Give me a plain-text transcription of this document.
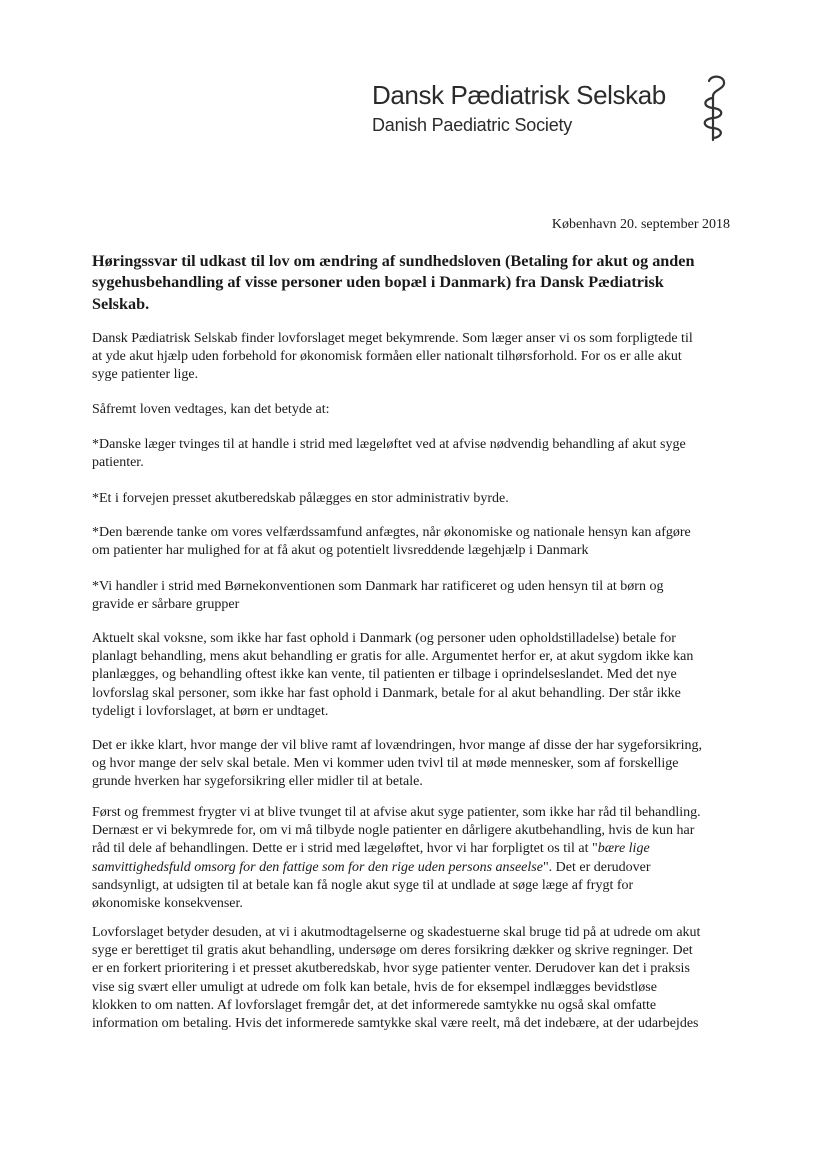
Dansk Pædiatrisk Selskab
Danish Paediatric Society
København 20. september 2018
Høringssvar til udkast til lov om ændring af sundhedsloven (Betaling for akut og anden sygehusbehandling af visse personer uden bopæl i Danmark) fra Dansk Pædiatrisk Selskab.
Dansk Pædiatrisk Selskab finder lovforslaget meget bekymrende. Som læger anser vi os som forpligtede til
at yde akut hjælp uden forbehold for økonomisk formåen eller nationalt tilhørsforhold. For os er alle akut
syge patienter lige.
Såfremt loven vedtages, kan det betyde at:
*Danske læger tvinges til at handle i strid med lægeløftet ved at afvise nødvendig behandling af akut syge
patienter.
*Et i forvejen presset akutberedskab pålægges en stor administrativ byrde.
*Den bærende tanke om vores velfærdssamfund anfægtes, når økonomiske og nationale hensyn kan afgøre
om patienter har mulighed for at få akut og potentielt livsreddende lægehjælp i Danmark
*Vi handler i strid med Børnekonventionen som Danmark har ratificeret og uden hensyn til at børn og
gravide er sårbare grupper
Aktuelt skal voksne, som ikke har fast ophold i Danmark (og personer uden opholdstilladelse) betale for
planlagt behandling, mens akut behandling er gratis for alle. Argumentet herfor er, at akut sygdom ikke kan
planlægges, og behandling oftest ikke kan vente, til patienten er tilbage i oprindelseslandet. Med det nye
lovforslag skal personer, som ikke har fast ophold i Danmark, betale for al akut behandling. Der står ikke
tydeligt i lovforslaget, at børn er undtaget.
Det er ikke klart, hvor mange der vil blive ramt af lovændringen, hvor mange af disse der har sygeforsikring,
og hvor mange der selv skal betale. Men vi kommer uden tvivl til at møde mennesker, som af forskellige
grunde hverken har sygeforsikring eller midler til at betale.
Først og fremmest frygter vi at blive tvunget til at afvise akut syge patienter, som ikke har råd til behandling.
Dernæst er vi bekymrede for, om vi må tilbyde nogle patienter en dårligere akutbehandling, hvis de kun har
råd til dele af behandlingen. Dette er i strid med lægeløftet, hvor vi har forpligtet os til at "bære lige
samvittighedsfuld omsorg for den fattige som for den rige uden persons anseelse". Det er derudover
sandsynligt, at udsigten til at betale kan få nogle akut syge til at undlade at søge læge af frygt for
økonomiske konsekvenser.
Lovforslaget betyder desuden, at vi i akutmodtagelserne og skadestuerne skal bruge tid på at udrede om akut
syge er berettiget til gratis akut behandling, undersøge om deres forsikring dækker og skrive regninger. Det
er en forkert prioritering i et presset akutberedskab, hvor syge patienter venter. Derudover kan det i praksis
vise sig svært eller umuligt at udrede om folk kan betale, hvis de for eksempel indlægges bevidstløse
klokken to om natten. Af lovforslaget fremgår det, at det informerede samtykke nu også skal omfatte
information om betaling. Hvis det informerede samtykke skal være reelt, må det indebære, at der udarbejdes
